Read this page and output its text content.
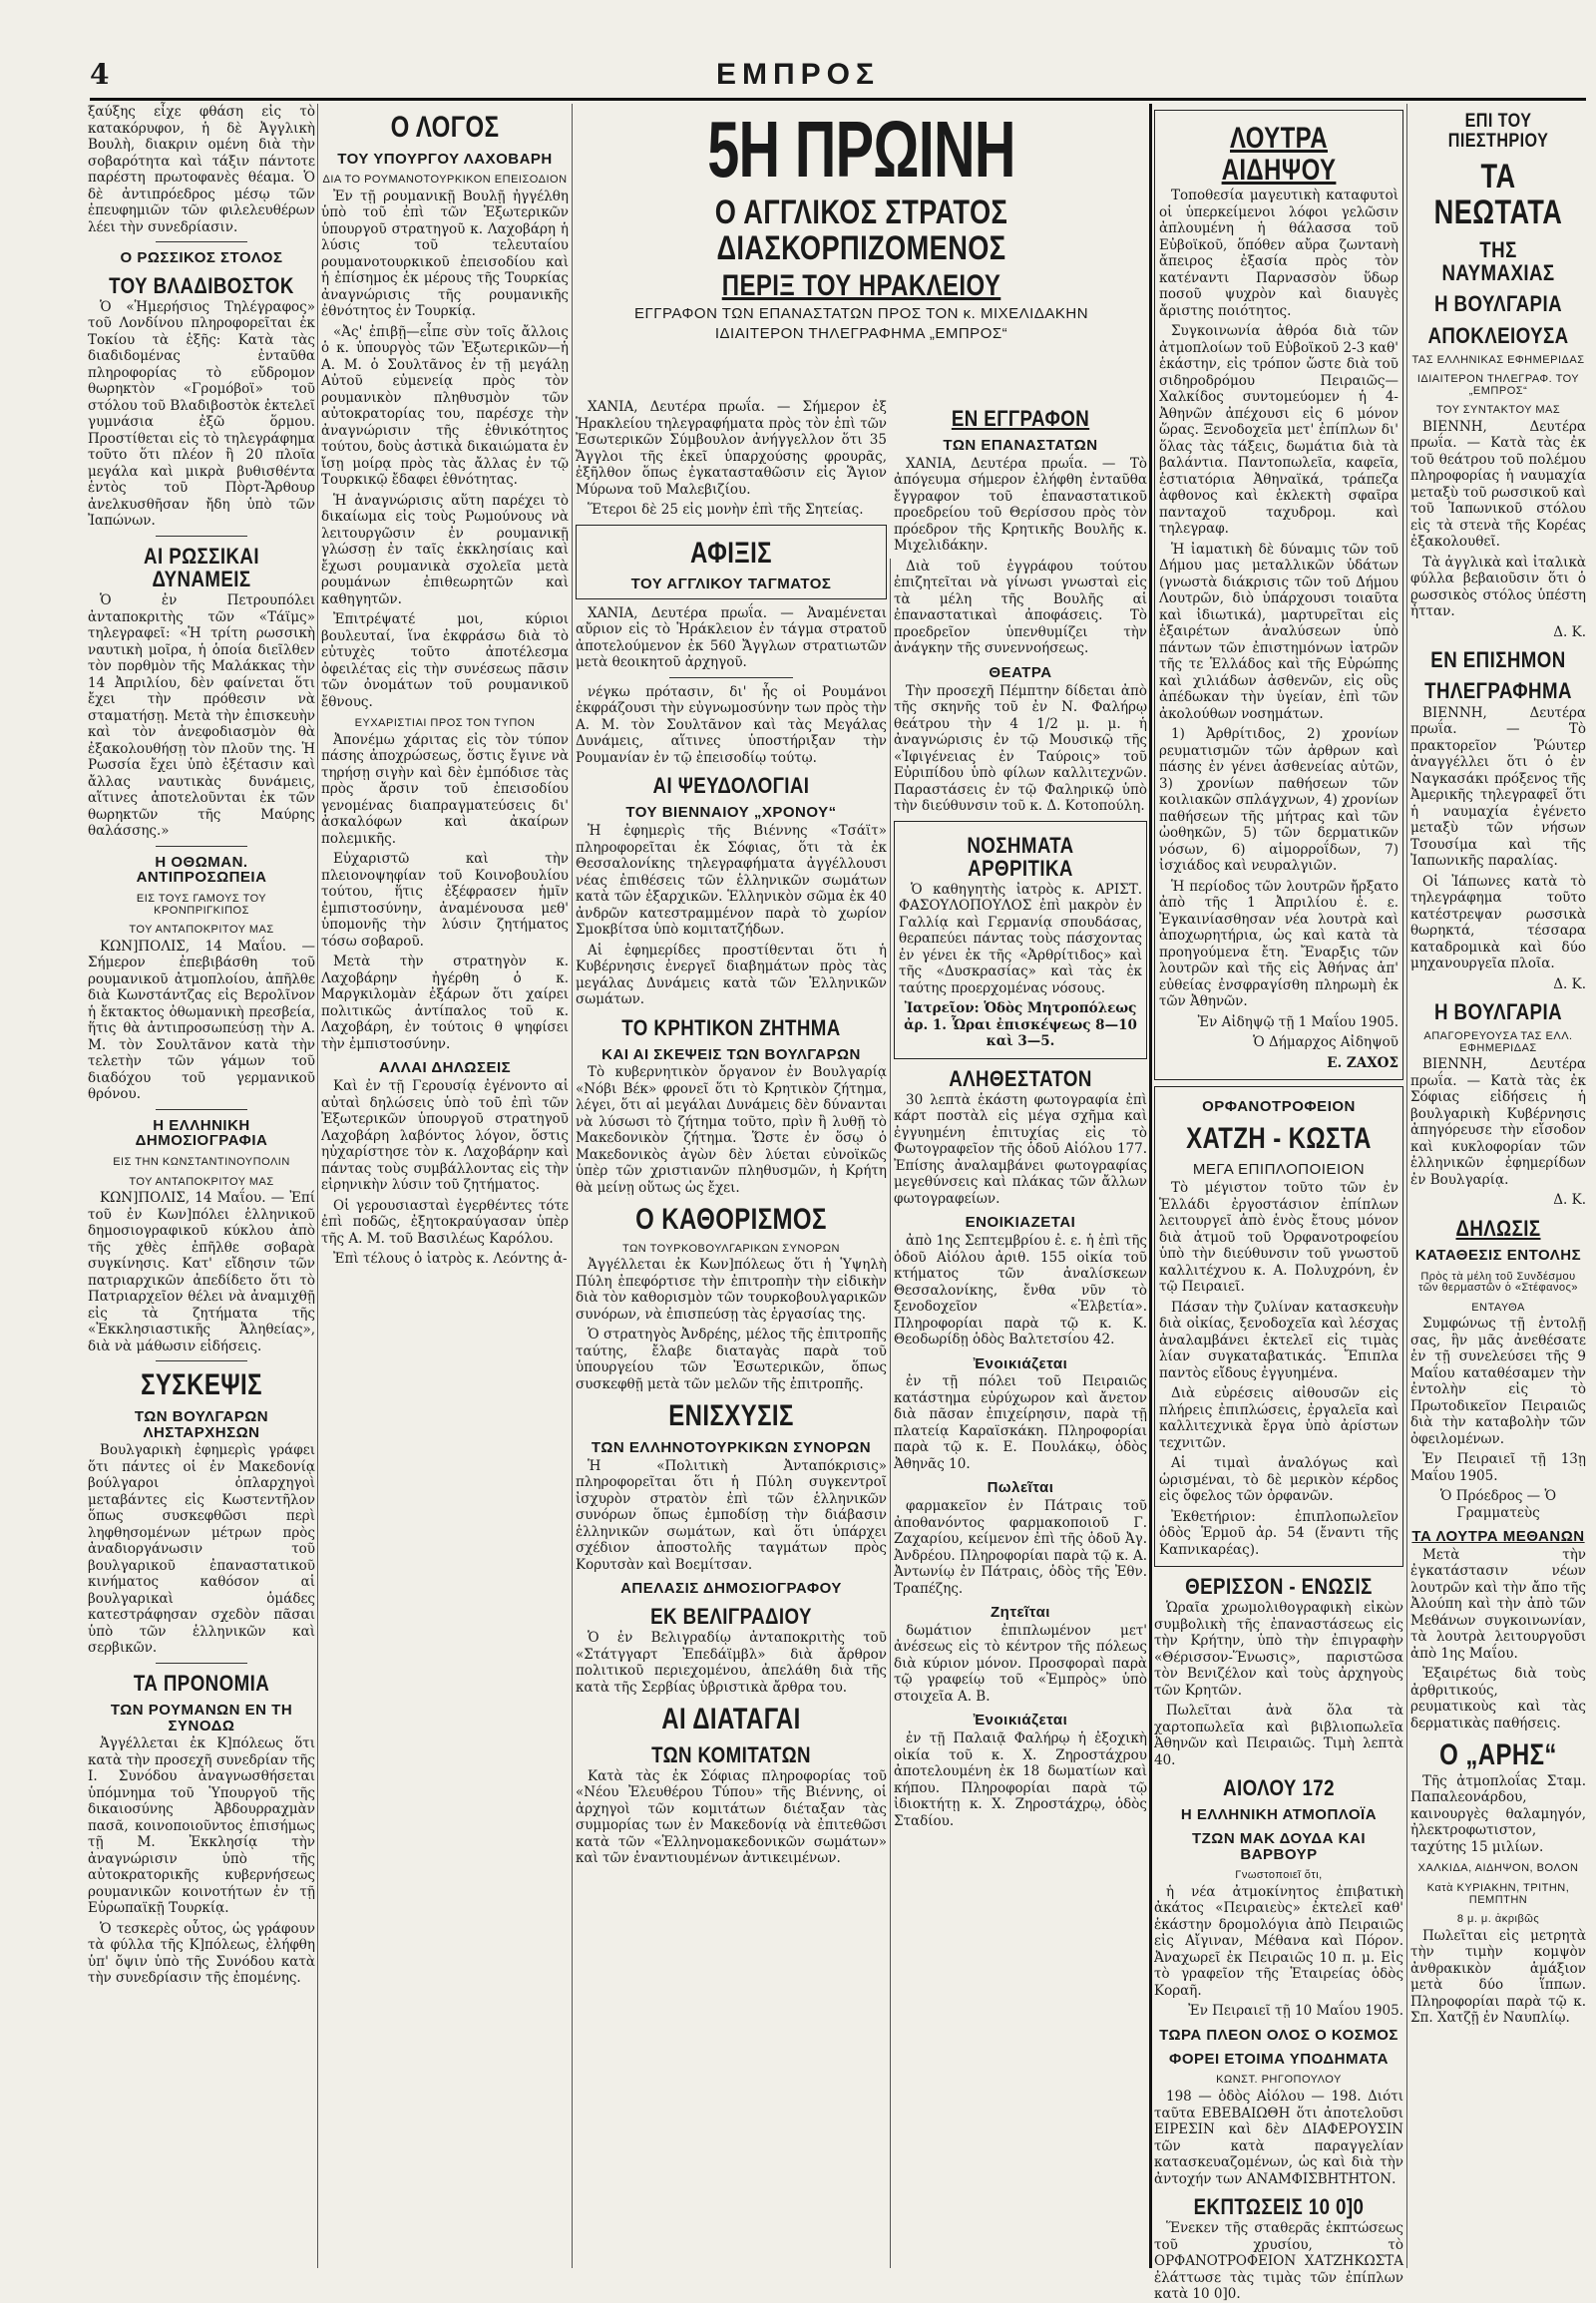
4	ΕΜΠΡΟΣ

ξαύξης εἶχε φθάση εἰς τὸ κατακόρυφον, ἡ δὲ Ἀγγλικὴ Βουλὴ, διακριν ομένη διὰ τὴν σοβαρότητα καὶ τάξιν πάντοτε παρέστη πρωτοφανὲς θέαμα. Ὁ δὲ ἀντιπρόεδρος μέσῳ τῶν ἐπευφημιῶν τῶν φιλελευθέρων λέει τὴν συνεδρίασιν.

Ο ΡΩΣΣΙΚΟΣ ΣΤΟΛΟΣ
ΤΟΥ ΒΛΑΔΙΒΟΣΤΟΚ

Ὁ «Ἡμερήσιος Τηλέγραφος» τοῦ Λονδίνου πληροφορεῖται ἐκ Τοκίου τὰ ἑξῆς: Κατὰ τὰς διαδιδομένας ἐνταῦθα πληροφορίας τὸ εὔδρομον θωρηκτὸν «Γρομόβοϊ» τοῦ στόλου τοῦ Βλαδιβοστὸκ ἐκτελεῖ γυμνάσια ἐξῶ ὅρμου. Προστίθεται εἰς τὸ τηλεγράφημα τοῦτο ὅτι πλέον ἢ 20 πλοῖα μεγάλα καὶ μικρὰ βυθισθέντα ἐντὸς τοῦ Πὸρτ-Ἄρθουρ ἀνελκυσθῆσαν ἤδη ὑπὸ τῶν Ἰαπώνων.

ΑΙ ΡΩΣΣΙΚΑΙ ΔΥΝΑΜΕΙΣ

Ὁ ἐν Πετρουπόλει ἀνταποκριτὴς τῶν «Τάϊμς» τηλεγραφεῖ: «Ἡ τρίτη ρωσσικὴ ναυτικὴ μοῖρα, ἡ ὁποία διεῖλθεν τὸν πορθμὸν τῆς Μαλάκκας τὴν 14 Ἀπριλίου, δὲν φαίνεται ὅτι ἔχει τὴν πρόθεσιν νὰ σταματήσῃ. Μετὰ τὴν ἐπισκευὴν καὶ τὸν ἀνεφοδιασμὸν θὰ ἐξακολουθήσῃ τὸν πλοῦν της. Ἡ Ρωσσία ἔχει ὑπὸ ἐξέτασιν καὶ ἄλλας ναυτικὰς δυνάμεις, αἵτινες ἀποτελοῦνται ἐκ τῶν θωρηκτῶν τῆς Μαύρης θαλάσσης.»

Η ΟΘΩΜΑΝ. ΑΝΤΙΠΡΟΣΩΠΕΙΑ
ΕΙΣ ΤΟΥΣ ΓΑΜΟΥΣ ΤΟΥ ΚΡΟΝΠΡΙΓΚΙΠΟΣ
ΤΟΥ ΑΝΤΑΠΟΚΡΙΤΟΥ ΜΑΣ

ΚΩΝ]ΠΟΛΙΣ, 14 Μαΐου. — Σήμερον ἐπεβιβάσθη τοῦ ρουμανικοῦ ἀτμοπλοίου, ἀπῆλθε διὰ Κωνστάντζας εἰς Βερολῖνον ἡ ἔκτακτος ὀθωμανικὴ πρεσβεία, ἥτις θὰ ἀντιπροσωπεύσῃ τὴν Α. Μ. τὸν Σουλτᾶνον κατὰ τὴν τελετὴν τῶν γάμων τοῦ διαδόχου τοῦ γερμανικοῦ θρόνου.

Η ΕΛΛΗΝΙΚΗ ΔΗΜΟΣΙΟΓΡΑΦΙΑ
ΕΙΣ ΤΗΝ ΚΩΝΣΤΑΝΤΙΝΟΥΠΟΛΙΝ
ΤΟΥ ΑΝΤΑΠΟΚΡΙΤΟΥ ΜΑΣ

ΚΩΝ]ΠΟΛΙΣ, 14 Μαΐου. — Ἐπί τοῦ ἐν Κων]πόλει ἑλληνικοῦ δημοσιογραφικοῦ κύκλου ἀπὸ τῆς χθὲς ἐπῆλθε σοβαρὰ συγκίνησις. Κατ' εἴδησιν τῶν πατριαρχικῶν ἀπεδίδετο ὅτι τὸ Πατριαρχεῖον θέλει νὰ ἀναμιχθῇ εἰς τὰ ζητήματα τῆς «Ἐκκλησιαστικῆς Ἀληθείας», διὰ νὰ μάθωσιν εἰδήσεις.

ΣΥΣΚΕΨΙΣ
ΤΩΝ ΒΟΥΛΓΑΡΩΝ ΛΗΣΤΑΡΧΗΣΩΝ

Βουλγαρικὴ ἐφημερὶς γράφει ὅτι πάντες οἱ ἐν Μακεδονίᾳ βούλγαροι ὁπλαρχηγοὶ μεταβάντες εἰς Κωστεντῆλον ὅπως συσκεφθῶσι περὶ ληφθησομένων μέτρων πρὸς ἀναδιοργάνωσιν τοῦ βουλγαρικοῦ ἐπαναστατικοῦ κινήματος καθόσον αἱ βουλγαρικαὶ ὁμάδες κατεστράφησαν σχεδὸν πᾶσαι ὑπὸ τῶν ἑλληνικῶν καὶ σερβικῶν.

ΤΑ ΠΡΟΝΟΜΙΑ
ΤΩΝ ΡΟΥΜΑΝΩΝ ΕΝ ΤΗ ΣΥΝΟΔΩ

Ἀγγέλλεται ἐκ Κ]πόλεως ὅτι κατὰ τὴν προσεχῆ συνεδρίαν τῆς Ι. Συνόδου ἀναγνωσθήσεται ὑπόμνημα τοῦ Ὑπουργοῦ τῆς δικαιοσύνης Ἀβδουρραχμὰν πασᾶ, κοινοποιοῦντος ἐπισήμως τῇ Μ. Ἐκκλησίᾳ τὴν ἀναγνώρισιν ὑπὸ τῆς αὐτοκρατορικῆς κυβερνήσεως ρουμανικῶν κοινοτήτων ἐν τῇ Εὐρωπαϊκῇ Τουρκίᾳ.

Ὁ τεσκερὲς οὗτος, ὡς γράφουν τὰ φύλλα τῆς Κ]πόλεως, ἐλήφθη ὑπ' ὄψιν ὑπὸ τῆς Συνόδου κατὰ τὴν συνεδρίασιν τῆς ἐπομένης.

Ο ΛΟΓΟΣ
ΤΟΥ ΥΠΟΥΡΓΟΥ ΛΑΧΟΒΑΡΗ
ΔΙΑ ΤΟ ΡΟΥΜΑΝΟΤΟΥΡΚΙΚΟΝ ΕΠΕΙΣΟΔΙΟΝ

Ἐν τῇ ρουμανικῇ Βουλῇ ἠγγέλθη ὑπὸ τοῦ ἐπὶ τῶν Ἐξωτερικῶν ὑπουργοῦ στρατηγοῦ κ. Λαχοβάρη ἡ λύσις τοῦ τελευταίου ρουμανοτουρκικοῦ ἐπεισοδίου καὶ ἡ ἐπίσημος ἐκ μέρους τῆς Τουρκίας ἀναγνώρισις τῆς ρουμανικῆς ἐθνότητος ἐν Τουρκίᾳ.

«Ἀς' ἐπιβῇ—εἶπε σὺν τοῖς ἄλλοις ὁ κ. ὑπουργὸς τῶν Ἐξωτερικῶν—ἡ Α. Μ. ὁ Σουλτᾶνος ἐν τῇ μεγάλῃ Αὐτοῦ εὐμενείᾳ πρὸς τὸν ρουμανικὸν πληθυσμὸν τῶν αὐτοκρατορίας του, παρέσχε τὴν ἀναγνώρισιν τῆς ἐθνικότητος τούτου, δοὺς ἀστικὰ δικαιώματα ἐν ἴσῃ μοίρᾳ πρὸς τὰς ἄλλας ἐν τῷ Τουρκικῷ ἔδαφει ἐθνότητας.

Ἡ ἀναγνώρισις αὕτη παρέχει τὸ δικαίωμα εἰς τοὺς Ρωμούνους νὰ λειτουργῶσιν ἐν ρουμανικῇ γλώσσῃ ἐν ταῖς ἐκκλησίαις καὶ ἔχωσι ρουμανικὰ σχολεῖα μετὰ ρουμάνων ἐπιθεωρητῶν καὶ καθηγητῶν.

Ἐπιτρέψατέ μοι, κύριοι βουλευταί, ἵνα ἐκφράσω διὰ τὸ εὐτυχὲς τοῦτο ἀποτέλεσμα ὀφειλέτας εἰς τὴν συνέσεως πᾶσιν τῶν ὀνομάτων τοῦ ρουμανικοῦ ἔθνους.

ΕΥΧΑΡΙΣΤΙΑΙ ΠΡΟΣ ΤΟΝ ΤΥΠΟΝ

Ἀπονέμω χάριτας εἰς τὸν τύπον πάσης ἀποχρώσεως, ὅστις ἔγινε νὰ τηρήσῃ σιγὴν καὶ δὲν ἐμπόδισε τὰς πρὸς ἄρσιν τοῦ ἐπεισοδίου γενομένας διαπραγματεύσεις δι' ἀσκαλόφων καὶ ἀκαίρων πολεμικῆς.

Εὐχαριστῶ καὶ τὴν πλειονοψηφίαν τοῦ Κοινοβουλίου τούτου, ἥτις ἐξέφρασεν ἡμῖν ἐμπιστοσύνην, ἀναμένουσα μεθ' ὑπομονῆς τὴν λύσιν ζητήματος τόσω σοβαροῦ.

Μετὰ τὴν στρατηγὸν κ. Λαχοβάρην ἠγέρθη ὁ κ. Μαργκιλομὰν ἐξάρων ὅτι χαίρει πολιτικῶς ἀντίπαλος τοῦ κ. Λαχοβάρη, ἐν τούτοις θ ψηφίσει τὴν ἐμπιστοσύνην.

ΑΛΛΑΙ ΔΗΛΩΣΕΙΣ

Καὶ ἐν τῇ Γερουσίᾳ ἐγένοντο αἱ αὐταὶ δηλώσεις ὑπὸ τοῦ ἐπὶ τῶν Ἐξωτερικῶν ὑπουργοῦ στρατηγοῦ Λαχοβάρη λαβόντος λόγον, ὅστις ηὐχαρίστησε τὸν κ. Λαχοβάρην καὶ πάντας τοὺς συμβάλλοντας εἰς τὴν εἰρηνικὴν λύσιν τοῦ ζητήματος.

Οἱ γερουσιασταὶ ἐγερθέντες τότε ἐπὶ ποδῶς, ἐξητοκραύγασαν ὑπὲρ τῆς Α. Μ. τοῦ Βασιλέως Καρόλου.

Ἐπὶ τέλους ὁ ἰατρὸς κ. Λεόντης ἀ-

5Η ΠΡΩΙΝΗ
Ο ΑΓΓΛΙΚΟΣ ΣΤΡΑΤΟΣ ΔΙΑΣΚΟΡΠΙΖΟΜΕΝΟΣ
ΠΕΡΙΞ ΤΟΥ ΗΡΑΚΛΕΙΟΥ
ΕΓΓΡΑΦΟΝ ΤΩΝ ΕΠΑΝΑΣΤΑΤΩΝ ΠΡΟΣ ΤΟΝ κ. ΜΙΧΕΛΙΔΑΚΗΝ
ΙΔΙΑΙΤΕΡΟΝ ΤΗΛΕΓΡΑΦΗΜΑ „ΕΜΠΡΟΣ“

ΧΑΝΙΑ, Δευτέρα πρωΐα. — Σήμερον ἐξ Ἡρακλείου τηλεγραφήματα πρὸς τὸν ἐπὶ τῶν Ἐσωτερικῶν Σύμβουλον ἀνήγγελλον ὅτι 35 Ἄγγλοι τῆς ἐκεῖ ὑπαρχούσης φρουρᾶς, ἐξῆλθον ὅπως ἐγκατασταθῶσιν εἰς Ἅγιον Μύρωνα τοῦ Μαλεβιζίου.

Ἕτεροι δὲ 25 εἰς μονὴν ἐπὶ τῆς Σητείας.

ΑΦΙΞΙΣ
ΤΟΥ ΑΓΓΛΙΚΟΥ ΤΑΓΜΑΤΟΣ

ΧΑΝΙΑ, Δευτέρα πρωΐα. — Ἀναμένεται αὔριον εἰς τὸ Ἡράκλειον ἐν τάγμα στρατοῦ ἀποτελούμενον ἐκ 560 Ἄγγλων στρατιωτῶν μετὰ θεοικητοῦ ἀρχηγοῦ.

νέγκω πρότασιν, δι' ἧς οἱ Ρουμάνοι ἐκφράζουσι τὴν εὐγνωμοσύνην των πρὸς τὴν Α. Μ. τὸν Σουλτᾶνον καὶ τὰς Μεγάλας Δυνάμεις, αἵτινες ὑποστήριξαν τὴν Ρουμανίαν ἐν τῷ ἐπεισοδίῳ τούτῳ.

ΑΙ ΨΕΥΔΟΛΟΓΙΑΙ
ΤΟΥ ΒΙΕΝΝΑΙΟΥ „ΧΡΟΝΟΥ“

Ἡ ἐφημερὶς τῆς Βιέννης «Τσάϊτ» πληροφορεῖται ἐκ Σόφιας, ὅτι τὰ ἐκ Θεσσαλονίκης τηλεγραφήματα ἀγγέλλουσι νέας ἐπιθέσεις τῶν ἑλληνικῶν σωμάτων κατὰ τῶν ἐξαρχικῶν. Ἑλληνικὸν σῶμα ἐκ 40 ἀνδρῶν κατεστραμμένον παρὰ τὸ χωρίον Σμοκβίτσα ὑπὸ κομιτατζήδων.

Αἱ ἐφημερίδες προστίθενται ὅτι ἡ Κυβέρνησις ἐνεργεῖ διαβημάτων πρὸς τὰς μεγάλας Δυνάμεις κατὰ τῶν Ἑλληνικῶν σωμάτων.

ΤΟ ΚΡΗΤΙΚΟΝ ΖΗΤΗΜΑ
ΚΑΙ ΑΙ ΣΚΕΨΕΙΣ ΤΩΝ ΒΟΥΛΓΑΡΩΝ

Τὸ κυβερνητικὸν ὄργανον ἐν Βουλγαρίᾳ «Νόβι Βέκ» φρονεῖ ὅτι τὸ Κρητικὸν ζήτημα, λέγει, ὅτι αἱ μεγάλαι Δυνάμεις δὲν δύνανται νὰ λύσωσι τὸ ζήτημα τοῦτο, πρὶν ἢ λυθῇ τὸ Μακεδονικὸν ζήτημα. Ὥστε ἐν ὅσῳ ὁ Μακεδονικὸς ἀγὼν δὲν λύεται εὐνοϊκῶς ὑπὲρ τῶν χριστιανῶν πληθυσμῶν, ἡ Κρήτη θὰ μείνῃ οὕτως ὡς ἔχει.

Ο ΚΑΘΟΡΙΣΜΟΣ
ΤΩΝ ΤΟΥΡΚΟΒΟΥΛΓΑΡΙΚΩΝ ΣΥΝΟΡΩΝ

Ἀγγέλλεται ἐκ Κων]πόλεως ὅτι ἡ Ὑψηλὴ Πύλη ἐπεφόρτισε τὴν ἐπιτροπὴν τὴν εἰδικὴν διὰ τὸν καθορισμὸν τῶν τουρκοβουλγαρικῶν συνόρων, νὰ ἐπισπεύσῃ τὰς ἐργασίας της.

Ὁ στρατηγὸς Ἀνδρέης, μέλος τῆς ἐπιτροπῆς ταύτης, ἔλαβε διαταγὰς παρὰ τοῦ ὑπουργείου τῶν Ἐσωτερικῶν, ὅπως συσκεφθῇ μετὰ τῶν μελῶν τῆς ἐπιτροπῆς.

ΕΝΙΣΧΥΣΙΣ
ΤΩΝ ΕΛΛΗΝΟΤΟΥΡΚΙΚΩΝ ΣΥΝΟΡΩΝ

Ἡ «Πολιτικὴ Ἀνταπόκρισις» πληροφορεῖται ὅτι ἡ Πύλη συγκεντροῖ ἰσχυρὸν στρατὸν ἐπὶ τῶν ἑλληνικῶν συνόρων ὅπως ἐμποδίσῃ τὴν διάβασιν ἑλληνικῶν σωμάτων, καὶ ὅτι ὑπάρχει σχέδιον ἀποστολῆς ταγμάτων πρὸς Κορυτσὰν καὶ Βοεμίτσαν.

ΑΠΕΛΑΣΙΣ ΔΗΜΟΣΙΟΓΡΑΦΟΥ
ΕΚ ΒΕΛΙΓΡΑΔΙΟΥ

Ὁ ἐν Βελιγραδίῳ ἀνταποκριτὴς τοῦ «Στάτγγαρτ Ἐπεδάϊμβλ» διὰ ἄρθρον πολιτικοῦ περιεχομένου, ἀπελάθη διὰ τῆς κατὰ τῆς Σερβίας ὑβριστικὰ ἄρθρα του.

ΑΙ ΔΙΑΤΑΓΑΙ
ΤΩΝ ΚΟΜΙΤΑΤΩΝ

Κατὰ τὰς ἐκ Σόφιας πληροφορίας τοῦ «Νέου Ἐλευθέρου Τύπου» τῆς Βιέννης, οἱ ἀρχηγοὶ τῶν κομιτάτων διέταξαν τὰς συμμορίας των ἐν Μακεδονίᾳ νὰ ἐπιτεθῶσι κατὰ τῶν «Ἑλληνομακεδονικῶν σωμάτων» καὶ τῶν ἐναντιουμένων ἀντικειμένων.

ΕΝ ΕΓΓΡΑΦΟΝ
ΤΩΝ ΕΠΑΝΑΣΤΑΤΩΝ

ΧΑΝΙΑ, Δευτέρα πρωΐα. — Τὸ ἀπόγευμα σήμερον ἐλήφθη ἐνταῦθα ἔγγραφον τοῦ ἐπαναστατικοῦ προεδρείου τοῦ Θερίσσου πρὸς τὸν πρόεδρον τῆς Κρητικῆς Βουλῆς κ. Μιχελιδάκην.

Διὰ τοῦ ἐγγράφου τούτου ἐπιζητεῖται νὰ γίνωσι γνωσταὶ εἰς τὰ μέλη τῆς Βουλῆς αἱ ἐπαναστατικαὶ ἀποφάσεις. Τὸ προεδρεῖον ὑπενθυμίζει τὴν ἀνάγκην τῆς συνεννοήσεως.

ΘΕΑΤΡΑ

Τὴν προσεχῆ Πέμπτην δίδεται ἀπὸ τῆς σκηνῆς τοῦ ἐν Ν. Φαλήρῳ θεάτρου τὴν 4 1/2 μ. μ. ἡ ἀναγνώρισις ἐν τῷ Μουσικῷ τῆς «Ἰφιγένειας ἐν Ταύροις» τοῦ Εὐριπίδου ὑπὸ φίλων καλλιτεχνῶν. Παραστάσεις ἐν τῷ Φαληρικῷ ὑπὸ τὴν διεύθυνσιν τοῦ κ. Δ. Κοτοπούλη.

ΝΟΣΗΜΑΤΑ ΑΡΘΡΙΤΙΚΑ

Ὁ καθηγητὴς ἰατρὸς κ. ΑΡΙΣΤ. ΦΑΣΟΥΛΟΠΟΥΛΟΣ ἐπὶ μακρὸν ἐν Γαλλίᾳ καὶ Γερμανίᾳ σπουδάσας, θεραπεύει πάντας τοὺς πάσχοντας ἐν γένει ἐκ τῆς «Ἀρθρίτιδος» καὶ τῆς «Δυσκρασίας» καὶ τὰς ἐκ ταύτης προερχομένας νόσους.

Ἰατρεῖον: Ὁδὸς Μητροπόλεως ἀρ. 1. Ὧραι ἐπισκέψεως 8—10 καὶ 3—5.

ΑΛΗΘΕΣΤΑΤΟΝ

30 λεπτὰ ἑκάστη φωτογραφία ἐπὶ κάρτ ποστὰλ εἰς μέγα σχῆμα καὶ ἐγγυημένη ἐπιτυχίας εἰς τὸ Φωτογραφεῖον τῆς ὁδοῦ Αἰόλου 177. Ἐπίσης ἀναλαμβάνει φωτογραφίας μεγεθύνσεις καὶ πλάκας τῶν ἄλλων φωτογραφείων.

ΕΝΟΙΚΙΑΖΕΤΑΙ

ἀπὸ 1ης Σεπτεμβρίου ἐ. ε. ἡ ἐπὶ τῆς ὁδοῦ Αἰόλου ἀριθ. 155 οἰκία τοῦ κτήματος τῶν ἀναλίσκεων Θεσσαλονίκης, ἔνθα νῦν τὸ ξενοδοχεῖον «Ἑλβετία». Πληροφορίαι παρὰ τῷ κ. Κ. Θεοδωρίδῃ ὁδὸς Βαλτετσίου 42.

Ἐνοικιάζεται

ἐν τῇ πόλει τοῦ Πειραιῶς κατάστημα εὐρύχωρον καὶ ἄνετον διὰ πᾶσαν ἐπιχείρησιν, παρὰ τῇ πλατείᾳ Καραϊσκάκη. Πληροφορίαι παρὰ τῷ κ. Ε. Πουλάκῳ, ὁδὸς Ἀθηνᾶς 10.

Πωλεῖται

φαρμακεῖον ἐν Πάτραις τοῦ ἀποθανόντος φαρμακοποιοῦ Γ. Ζαχαρίου, κείμενον ἐπὶ τῆς ὁδοῦ Ἀγ. Ἀνδρέου. Πληροφορίαι παρὰ τῷ κ. Α. Ἀντωνίῳ ἐν Πάτραις, ὁδὸς τῆς Ἐθν. Τραπέζης.

Ζητεῖται

δωμάτιον ἐπιπλωμένον μετ' ἀνέσεως εἰς τὸ κέντρον τῆς πόλεως διὰ κύριον μόνον. Προσφοραὶ παρὰ τῷ γραφείῳ τοῦ «Ἐμπρὸς» ὑπὸ στοιχεῖα Α. Β.

Ἐνοικιάζεται

ἐν τῇ Παλαιᾷ Φαλήρῳ ἡ ἐξοχικὴ οἰκία τοῦ κ. Χ. Ζηροστάχρου ἀποτελουμένη ἐκ 18 δωματίων καὶ κήπου. Πληροφορίαι παρὰ τῷ ἰδιοκτήτῃ κ. Χ. Ζηροστάχρῳ, ὁδὸς Σταδίου.

ΛΟΥΤΡΑ ΑΙΔΗΨΟΥ

Τοποθεσία μαγευτικὴ καταφυτοὶ οἱ ὑπερκείμενοι λόφοι γελῶσιν ἀπλουμένη ἡ θάλασσα τοῦ Εὐβοϊκοῦ, ὅπόθεν αὔρα ζωντανὴ ἄπειρος ἐξασία πρὸς τὸν κατέναντι Παρνασσὸν ὕδωρ ποσοῦ ψυχρὸν καὶ διαυγὲς ἄριστης ποιότητος.

Συγκοινωνία ἀθρόα διὰ τῶν ἀτμοπλοίων τοῦ Εὐβοϊκοῦ 2-3 καθ' ἑκάστην, εἰς τρόπον ὥστε διὰ τοῦ σιδηροδρόμου Πειραιῶς—Χαλκίδος συντομεύομεν ἡ 4-Ἀθηνῶν ἀπέχουσι εἰς 6 μόνον ὥρας. Ξενοδοχεῖα μετ' ἐπίπλων δι' ὅλας τὰς τάξεις, δωμάτια διὰ τὰ βαλάντια. Παντοπωλεῖα, καφεῖα, ἑστιατόρια Ἀθηναϊκά, τράπεζα ἀφθονος καὶ ἐκλεκτὴ σφαῖρα πανταχοῦ ταχυδρομ. καὶ τηλεγραφ.

Ἡ ἰαματικὴ δὲ δύναμις τῶν τοῦ Δήμου μας μεταλλικῶν ὑδάτων (γνωστὰ διάκρισις τῶν τοῦ Δήμου Λουτρῶν, διὸ ὑπάρχουσι τοιαῦτα καὶ ἰδιωτικά), μαρτυρεῖται εἰς ἑξαιρέτων ἀναλύσεων ὑπὸ πάντων τῶν ἐπιστημόνων ἰατρῶν τῆς τε Ἑλλάδος καὶ τῆς Εὐρώπης καὶ χιλιάδων ἀσθενῶν, εἰς οὓς ἀπέδωκαν τὴν ὑγείαν, ἐπὶ τῶν ἀκολούθων νοσημάτων.

1) Ἀρθρίτιδος, 2) χρονίων ρευματισμῶν τῶν ἀρθρων καὶ πάσης ἐν γένει ἀσθενείας αὐτῶν, 3) χρονίων παθήσεων τῶν κοιλιακῶν σπλάγχνων, 4) χρονίων παθήσεων τῆς μήτρας καὶ τῶν ὠοθηκῶν, 5) τῶν δερματικῶν νόσων, 6) αἱμορροΐδων, 7) ἰσχιάδος καὶ νευραλγιῶν.

Ἡ περίοδος τῶν λουτρῶν ἤρξατο ἀπὸ τῆς 1 Ἀπριλίου ἐ. ε. Ἐγκαινίασθησαν νέα λουτρὰ καὶ ἀποχωρητήρια, ὡς καὶ κατὰ τὰ προηγούμενα ἔτη. Ἔναρξις τῶν λουτρῶν καὶ τῆς εἰς Ἀθήνας ἀπ' εὐθείας ἐνσφραγίσθη πληρωμὴ ἐκ τῶν Ἀθηνῶν.

Ἐν Αἰδηψῷ τῇ 1 Μαΐου 1905.

Ὁ Δήμαρχος Αἰδηψοῦ

Ε. ΖΑΧΟΣ

ΟΡΦΑΝΟΤΡΟΦΕΙΟΝ
ΧΑΤΖΗ - ΚΩΣΤΑ
ΜΕΓΑ ΕΠΙΠΛΟΠΟΙΕΙΟΝ

Τὸ μέγιστον τοῦτο τῶν ἐν Ἑλλάδι ἐργοστάσιον ἐπίπλων λειτουργεῖ ἀπὸ ἑνὸς ἔτους μόνον διὰ ἀτμοῦ τοῦ Ὀρφανοτροφείου ὑπὸ τὴν διεύθυνσιν τοῦ γνωστοῦ καλλιτέχνου κ. Α. Πολυχρόνη, ἐν τῷ Πειραιεῖ.

Πάσαν τὴν ζυλίναν κατασκευὴν διὰ οἰκίας, ξενοδοχεῖα καὶ λέσχας ἀναλαμβάνει ἐκτελεῖ εἰς τιμὰς λίαν συγκαταβατικάς. Ἔπιπλα παντὸς εἴδους ἐγγυημένα.

Διὰ εὐρέσεις αἰθουσῶν εἰς πλήρεις ἐπιπλώσεις, ἐργαλεῖα καὶ καλλιτεχνικὰ ἔργα ὑπὸ ἀρίστων τεχνιτῶν.

Αἱ τιμαὶ ἀναλόγως καὶ ὡρισμέναι, τὸ δὲ μερικὸν κέρδος εἰς ὄφελος τῶν ὀρφανῶν.

Ἐκθετήριον: ἐπιπλοπωλεῖον ὁδὸς Ἑρμοῦ ἀρ. 54 (ἔναντι τῆς Καπνικαρέας).

ΘΕΡΙΣΣΟΝ - ΕΝΩΣΙΣ

Ὡραῖα χρωμολιθογραφικὴ εἰκὼν συμβολικὴ τῆς ἐπαναστάσεως εἰς τὴν Κρήτην, ὑπὸ τὴν ἐπιγραφὴν «Θέρισσον-Ἕνωσις», παριστῶσα τὸν Βενιζέλον καὶ τοὺς ἀρχηγοὺς τῶν Κρητῶν.

Πωλεῖται ἀνὰ ὅλα τὰ χαρτοπωλεῖα καὶ βιβλιοπωλεῖα Ἀθηνῶν καὶ Πειραιῶς. Τιμὴ λεπτὰ 40.

ΑΙΟΛΟΥ 172
Η ΕΛΛΗΝΙΚΗ ΑΤΜΟΠΛΟΪΑ
ΤΖΩΝ ΜΑΚ ΔΟΥΔΑ ΚΑΙ ΒΑΡΒΟΥΡ
Γνωστοποιεῖ ὅτι,

ἡ νέα ἀτμοκίνητος ἐπιβατικὴ ἀκάτος «Πειραιεὺς» ἐκτελεῖ καθ' ἑκάστην δρομολόγια ἀπὸ Πειραιῶς εἰς Αἴγιναν, Μέθανα καὶ Πόρον. Ἀναχωρεῖ ἐκ Πειραιῶς 10 π. μ. Εἰς τὸ γραφεῖον τῆς Ἑταιρείας ὁδὸς Κοραῆ.

Ἐν Πειραιεῖ τῇ 10 Μαΐου 1905.

ΤΩΡΑ ΠΛΕΟΝ ΟΛΟΣ Ο ΚΟΣΜΟΣ
ΦΟΡΕΙ ΕΤΟΙΜΑ ΥΠΟΔΗΜΑΤΑ
ΚΩΝΣΤ. ΡΗΓΟΠΟΥΛΟΥ

198 — ὁδὸς Αἰόλου — 198. Διότι ταῦτα ΕΒΕΒΑΙΩΘΗ ὅτι ἀποτελοῦσι ΕΙΡΕΣΙΝ καὶ δὲν ΔΙΑΦΕΡΟΥΣΙΝ τῶν κατὰ παραγγελίαν κατασκευαζομένων, ὡς καὶ διὰ τὴν ἀντοχήν των ΑΝΑΜΦΙΣΒΗΤΗΤΟΝ.

ΕΚΠΤΩΣΕΙΣ 10 0]0

Ἕνεκεν τῆς σταθερᾶς ἐκπτώσεως τοῦ χρυσίου, τὸ ΟΡΦΑΝΟΤΡΟΦΕΙΟΝ ΧΑΤΖΗΚΩΣΤΑ ἐλάττωσε τὰς τιμὰς τῶν ἐπίπλων κατὰ 10 0]0.

ΕΠΙ ΤΟΥ ΠΙΕΣΤΗΡΙΟΥ
ΤΑ ΝΕΩΤΑΤΑ
ΤΗΣ ΝΑΥΜΑΧΙΑΣ
Η ΒΟΥΛΓΑΡΙΑ
ΑΠΟΚΛΕΙΟΥΣΑ
ΤΑΣ ΕΛΛΗΝΙΚΑΣ ΕΦΗΜΕΡΙΔΑΣ
ΙΔΙΑΙΤΕΡΟΝ ΤΗΛΕΓΡΑΦ. ΤΟΥ „ΕΜΠΡΟΣ“
ΤΟΥ ΣΥΝΤΑΚΤΟΥ ΜΑΣ

ΒΙΕΝΝΗ, Δευτέρα πρωΐα. — Κατὰ τὰς ἐκ τοῦ θεάτρου τοῦ πολέμου πληροφορίας ἡ ναυμαχία μεταξὺ τοῦ ρωσσικοῦ καὶ τοῦ Ἰαπωνικοῦ στόλου εἰς τὰ στενὰ τῆς Κορέας ἐξακολουθεῖ.

Τὰ ἀγγλικὰ καὶ ἰταλικὰ φύλλα βεβαιοῦσιν ὅτι ὁ ρωσσικὸς στόλος ὑπέστη ἦτταν.

Δ. Κ.

ΕΝ ΕΠΙΣΗΜΟΝ
ΤΗΛΕΓΡΑΦΗΜΑ

ΒΙΕΝΝΗ, Δευτέρα πρωΐα. — Τὸ πρακτορεῖον Ῥώυτερ ἀναγγέλλει ὅτι ὁ ἐν Ναγκασάκι πρόξενος τῆς Ἀμερικῆς τηλεγραφεῖ ὅτι ἡ ναυμαχία ἐγένετο μεταξὺ τῶν νήσων Τσουσίμα καὶ τῆς Ἰαπωνικῆς παραλίας.

Οἱ Ἰάπωνες κατὰ τὸ τηλεγράφημα τοῦτο κατέστρεψαν ρωσσικὰ θωρηκτά, τέσσαρα καταδρομικὰ καὶ δύο μηχανουργεῖα πλοῖα.

Δ. Κ.

Η ΒΟΥΛΓΑΡΙΑ
ΑΠΑΓΟΡΕΥΟΥΣΑ ΤΑΣ ΕΛΛ. ΕΦΗΜΕΡΙΔΑΣ

ΒΙΕΝΝΗ, Δευτέρα πρωΐα. — Κατὰ τὰς ἐκ Σόφιας εἰδήσεις ἡ βουλγαρικὴ Κυβέρνησις ἀπηγόρευσε τὴν εἴσοδον καὶ κυκλοφορίαν τῶν ἑλληνικῶν ἐφημερίδων ἐν Βουλγαρίᾳ.

Δ. Κ.

ΔΗΛΩΣΙΣ
ΚΑΤΑΘΕΣΙΣ ΕΝΤΟΛΗΣ
Πρὸς τὰ μέλη τοῦ Συνδέσμου τῶν θερμαστῶν ὁ «Στέφανος»
ΕΝΤΑΥΘΑ

Συμφώνως τῇ ἐντολῇ σας, ἣν μᾶς ἀνεθέσατε ἐν τῇ συνελεύσει τῆς 9 Μαΐου καταθέσαμεν τὴν ἐντολὴν εἰς τὸ Πρωτοδικεῖον Πειραιῶς διὰ τὴν καταβολὴν τῶν ὀφειλομένων.

Ἐν Πειραιεῖ τῇ 13ῃ Μαΐου 1905.

Ὁ Πρόεδρος — Ὁ Γραμματεὺς

ΤΑ ΛΟΥΤΡΑ ΜΕΘΑΝΩΝ

Μετὰ τὴν ἐγκατάστασιν νέων λουτρῶν καὶ τὴν ἄπο τῆς Ἀλούπη καὶ τὴν ἀπὸ τῶν Μεθάνων συγκοινωνίαν, τὰ λουτρὰ λειτουργοῦσι ἀπὸ 1ης Μαΐου.

Ἐξαιρέτως διὰ τοὺς ἀρθριτικούς, ρευματικοὺς καὶ τὰς δερματικὰς παθήσεις.

Ο „ΑΡΗΣ“

Τῆς ἀτμοπλοΐας Σταμ. Παπαλεονάρδου, καινουργὲς θαλαμηγόν, ἠλεκτροφωτιστον, ταχύτης 15 μιλίων.

ΧΑΛΚΙΔΑ, ΑΙΔΗΨΟΝ, ΒΟΛΟΝ
Κατὰ ΚΥΡΙΑΚΗΝ, ΤΡΙΤΗΝ, ΠΕΜΠΤΗΝ
8 μ. μ. ἀκριβῶς

Πωλεῖται εἰς μετρητὰ τὴν τιμὴν κομψὸν ἀνθρακικὸν ἁμάξιον μετὰ δύο ἵππων. Πληροφορίαι παρὰ τῷ κ. Σπ. Χατζῇ ἐν Ναυπλίῳ.
